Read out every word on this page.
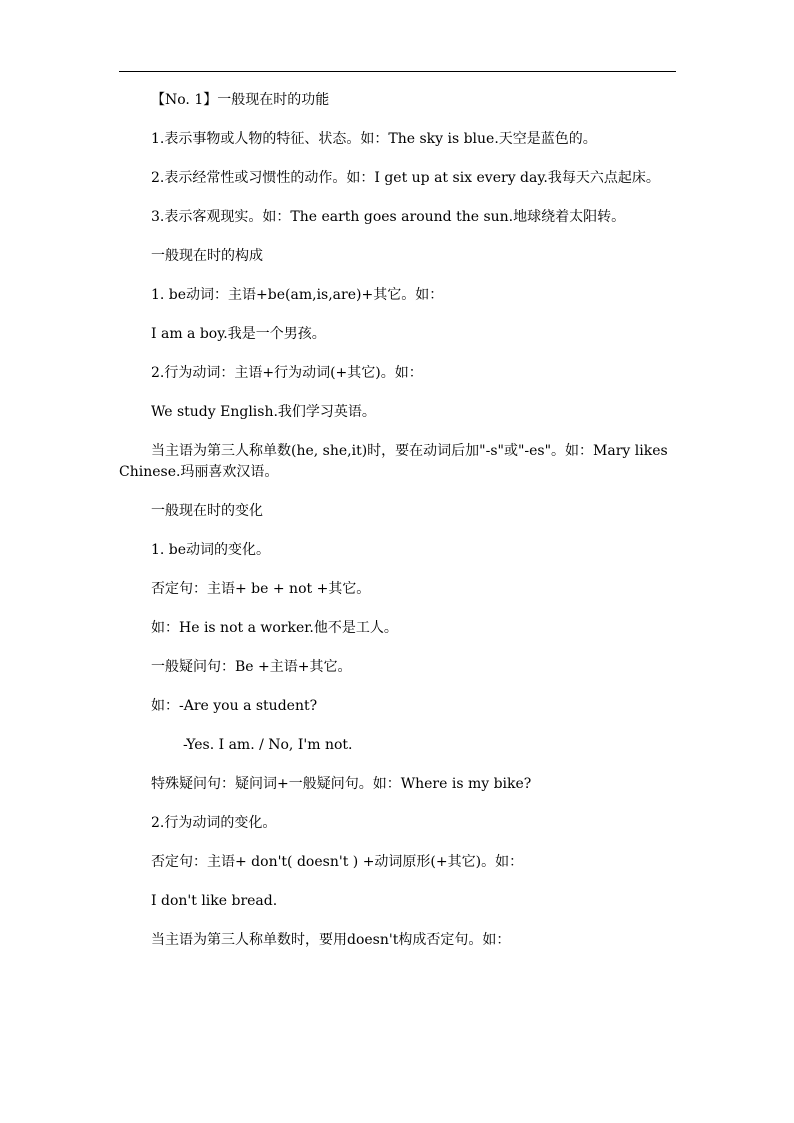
【No. 1】一般现在时的功能

1.表示事物或人物的特征、状态。如：The sky is blue.天空是蓝色的。

2.表示经常性或习惯性的动作。如：I get up at six every day.我每天六点起床。

3.表示客观现实。如：The earth goes around the sun.地球绕着太阳转。

一般现在时的构成

1. be动词：主语+be(am,is,are)+其它。如：

I am a boy.我是一个男孩。

2.行为动词：主语+行为动词(+其它)。如：

We study English.我们学习英语。

当主语为第三人称单数(he, she,it)时，要在动词后加"-s"或"-es"。如：Mary likes Chinese.玛丽喜欢汉语。

一般现在时的变化

1. be动词的变化。

否定句：主语+ be + not +其它。

如：He is not a worker.他不是工人。

一般疑问句：Be +主语+其它。

如：-Are you a student?

-Yes. I am. / No, I'm not.

特殊疑问句：疑问词+一般疑问句。如：Where is my bike?

2.行为动词的变化。

否定句：主语+ don't( doesn't ) +动词原形(+其它)。如：

I don't like bread.

当主语为第三人称单数时，要用doesn't构成否定句。如：
